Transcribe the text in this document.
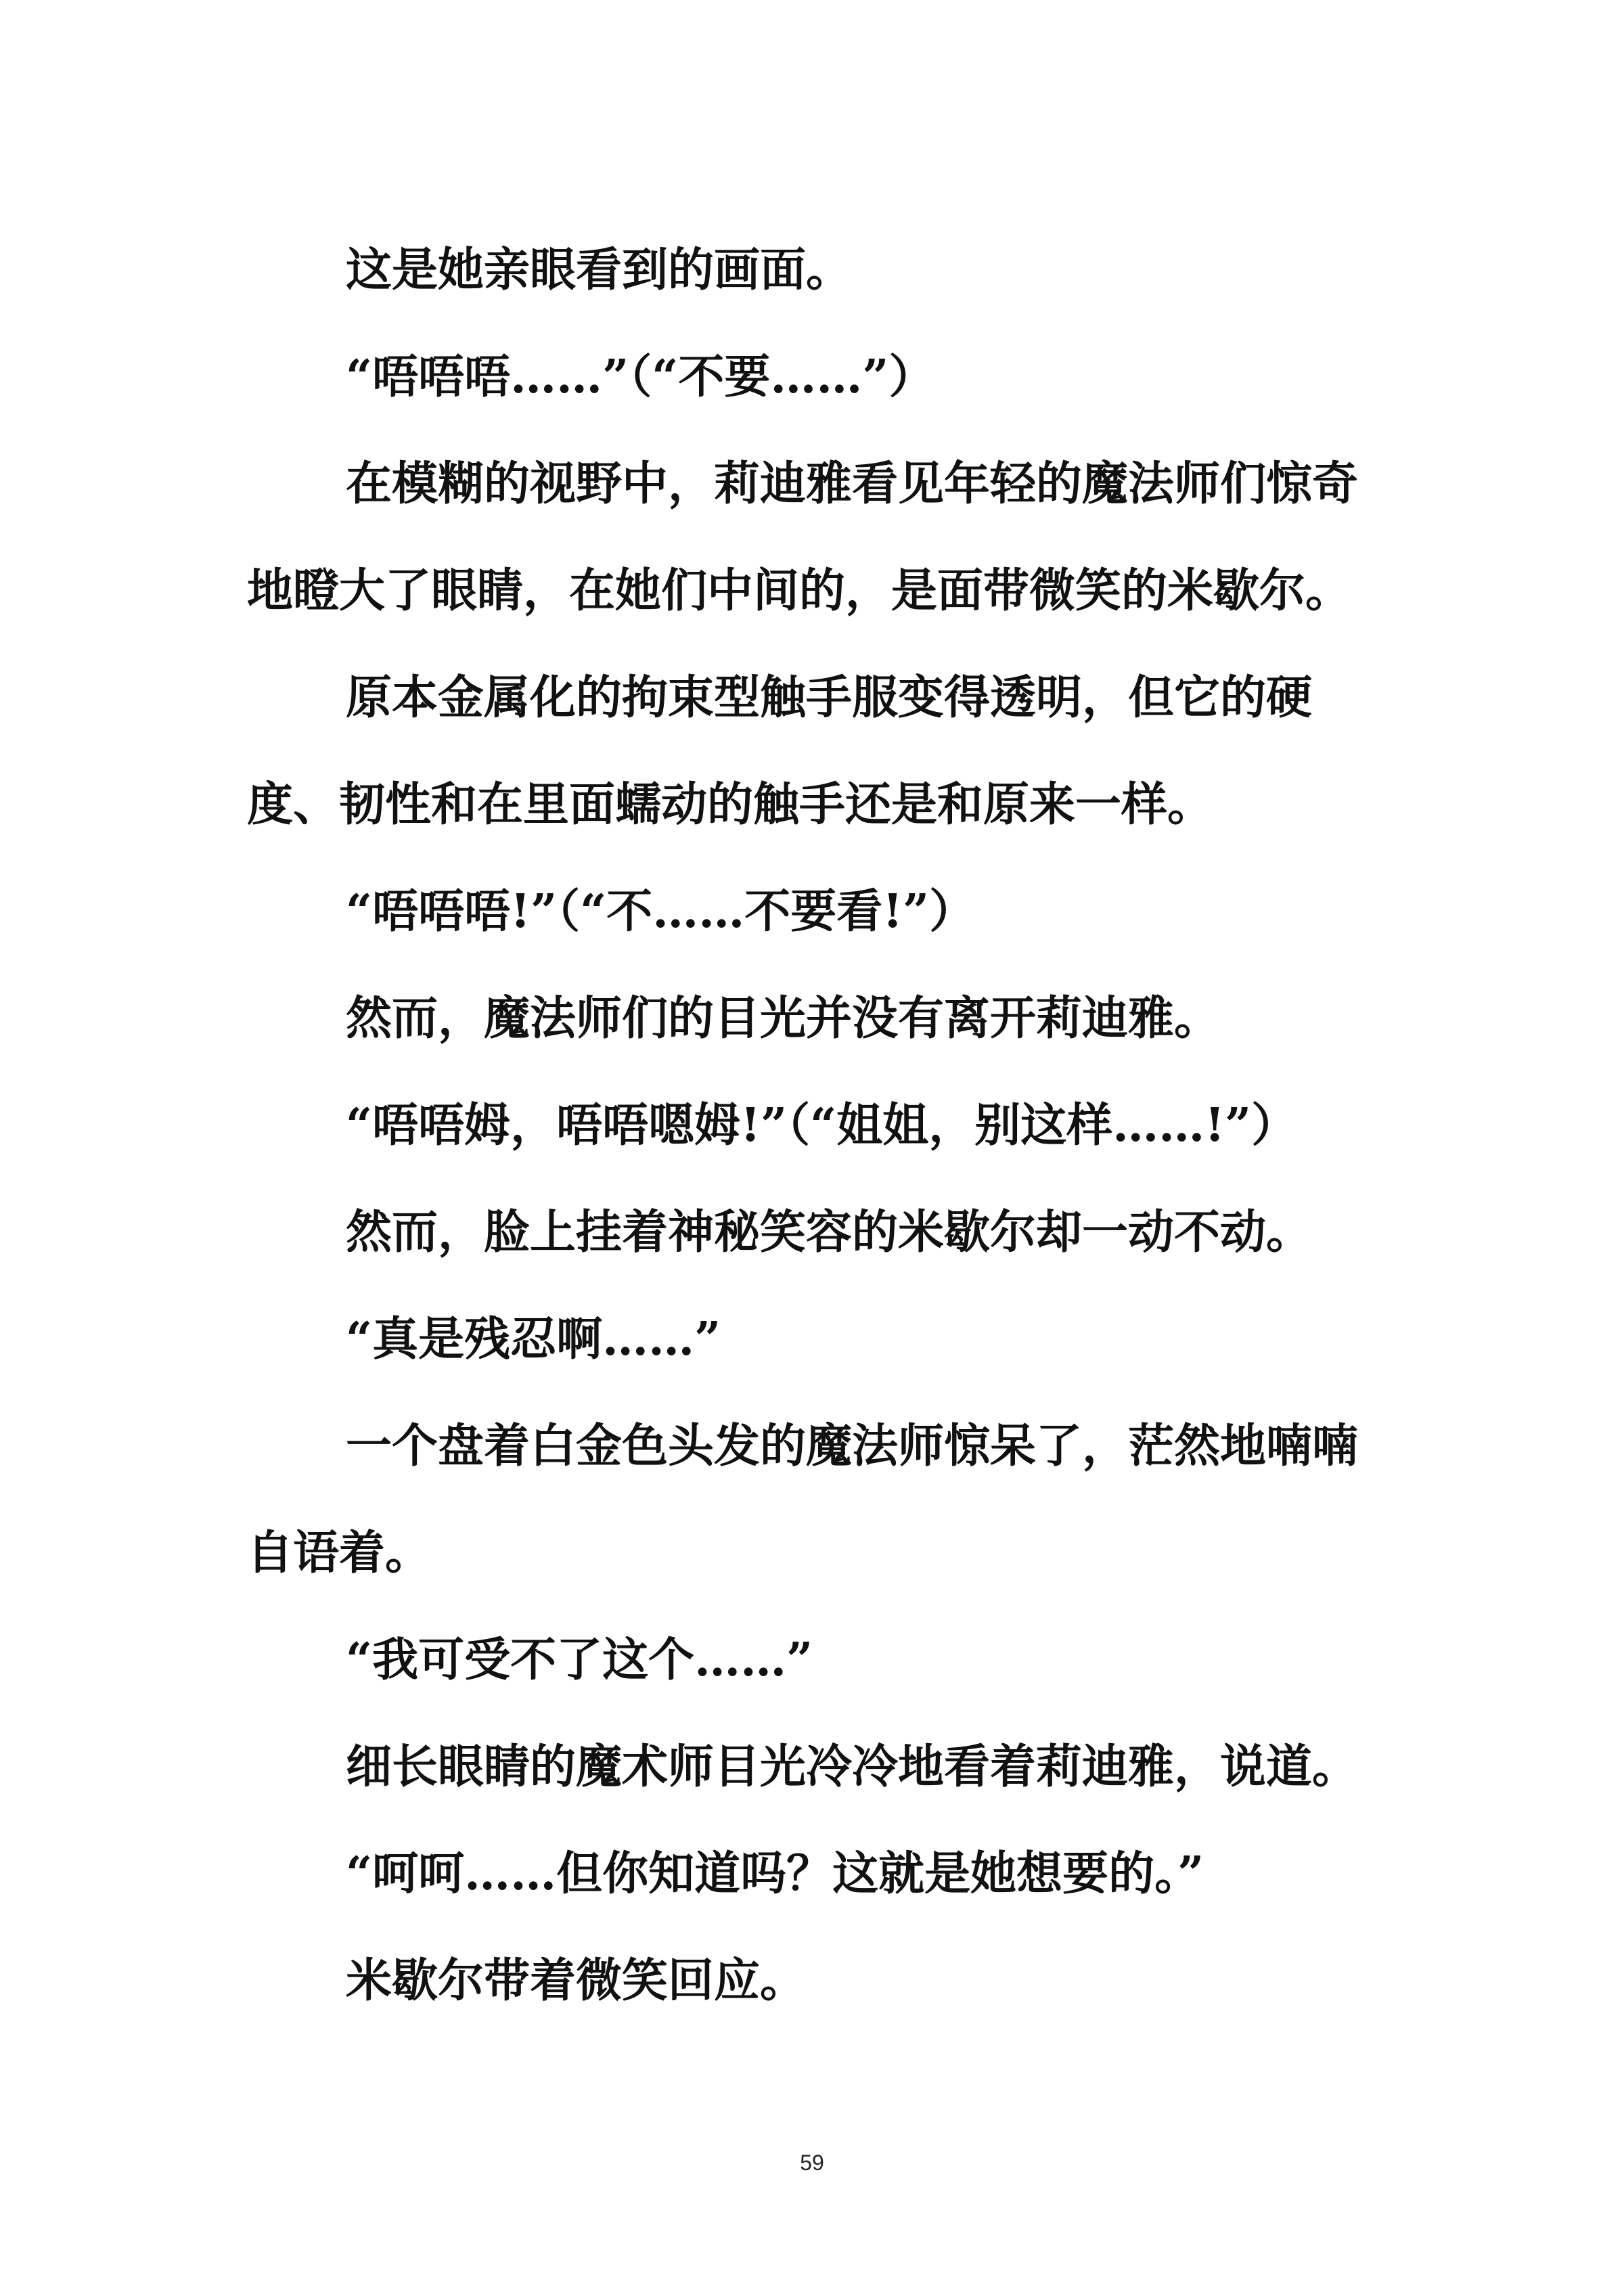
这是她亲眼看到的画面。

“唔唔唔……”（“不要……”）

在模糊的视野中，莉迪雅看见年轻的魔法师们惊奇地瞪大了眼睛，在她们中间的，是面带微笑的米歇尔。

原本金属化的拘束型触手服变得透明，但它的硬度、韧性和在里面蠕动的触手还是和原来一样。

“唔唔唔!”（“不……不要看!”）

然而，魔法师们的目光并没有离开莉迪雅。

“唔唔姆，唔唔嗯姆!”（“姐姐，别这样……!”）

然而，脸上挂着神秘笑容的米歇尔却一动不动。

“真是残忍啊……”

一个盘着白金色头发的魔法师惊呆了，茫然地喃喃自语着。

“我可受不了这个……”

细长眼睛的魔术师目光冷冷地看着莉迪雅，说道。

“呵呵……但你知道吗？这就是她想要的。”

米歇尔带着微笑回应。

59
